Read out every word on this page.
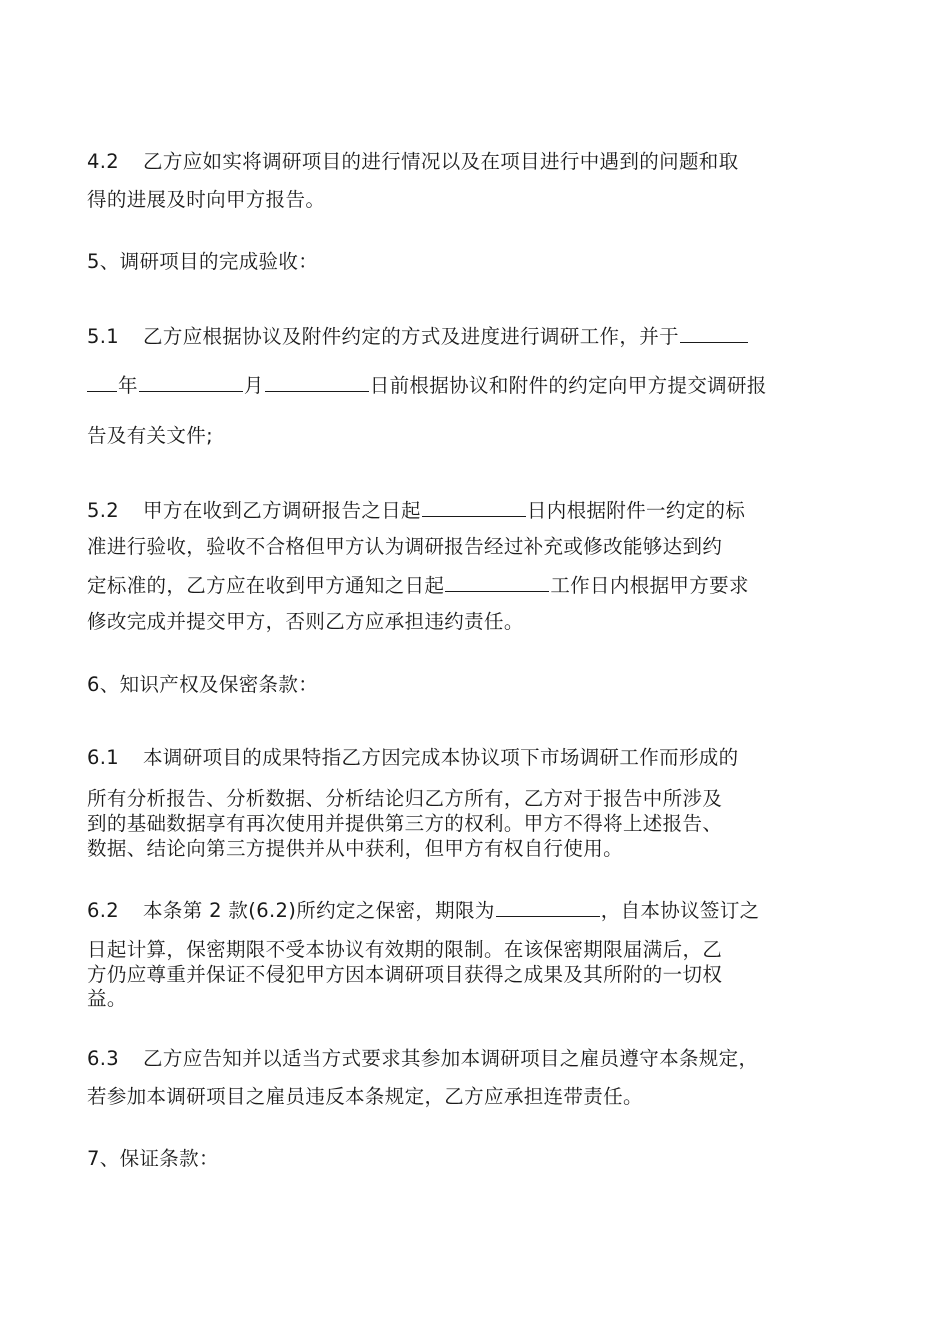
4.2 乙方应如实将调研项目的进行情况以及在项目进行中遇到的问题和取
得的进展及时向甲方报告。
5、调研项目的完成验收：
5.1 乙方应根据协议及附件约定的方式及进度进行调研工作，并于
年	月	日前根据协议和附件的约定向甲方提交调研报
告及有关文件;
5.2 甲方在收到乙方调研报告之日起	日内根据附件一约定的标
准进行验收，验收不合格但甲方认为调研报告经过补充或修改能够达到约
定标准的，乙方应在收到甲方通知之日起	工作日内根据甲方要求
修改完成并提交甲方，否则乙方应承担违约责任。
6、知识产权及保密条款：
6.1 本调研项目的成果特指乙方因完成本协议项下市场调研工作而形成的
所有分析报告、分析数据、分析结论归乙方所有，乙方对于报告中所涉及
到的基础数据享有再次使用并提供第三方的权利。甲方不得将上述报告、
数据、结论向第三方提供并从中获利，但甲方有权自行使用。
6.2 本条第 2 款(6.2)所约定之保密，期限为	，自本协议签订之
日起计算，保密期限不受本协议有效期的限制。在该保密期限届满后，乙
方仍应尊重并保证不侵犯甲方因本调研项目获得之成果及其所附的一切权
益。
6.3 乙方应告知并以适当方式要求其参加本调研项目之雇员遵守本条规定，
若参加本调研项目之雇员违反本条规定，乙方应承担连带责任。
7、保证条款：
